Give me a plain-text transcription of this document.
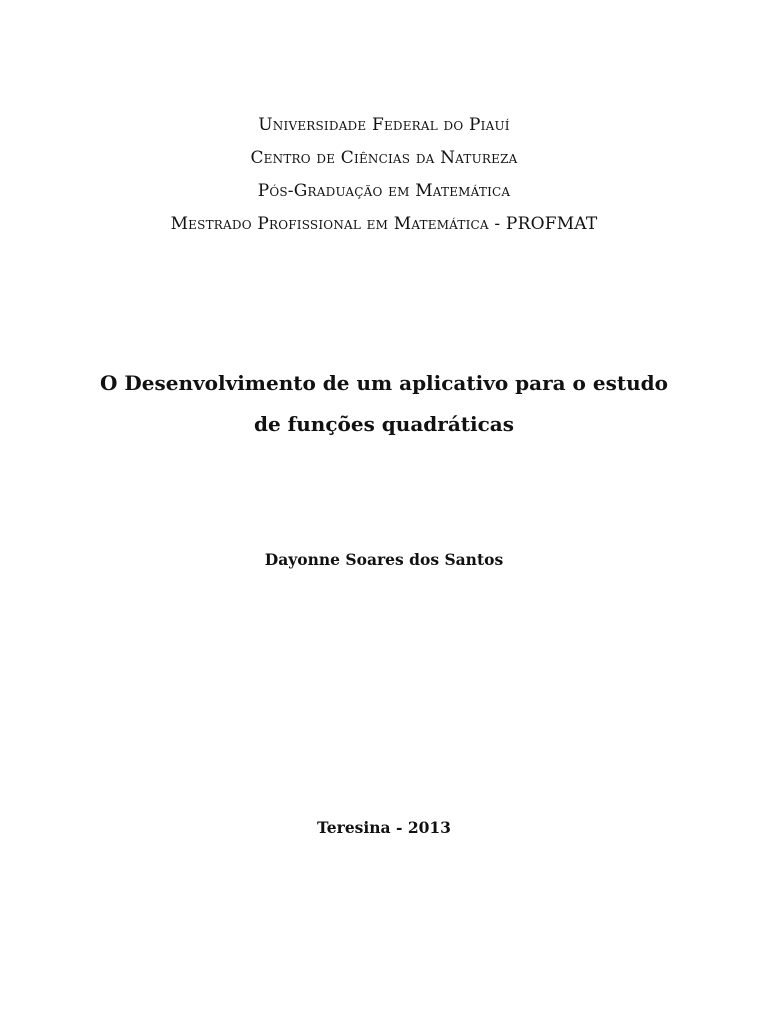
Universidade Federal do Piauí
Centro de Ciências da Natureza
Pós-Graduação em Matemática
Mestrado Profissional em Matemática - PROFMAT
O Desenvolvimento de um aplicativo para o estudo
de funções quadráticas
Dayonne Soares dos Santos
Teresina - 2013
